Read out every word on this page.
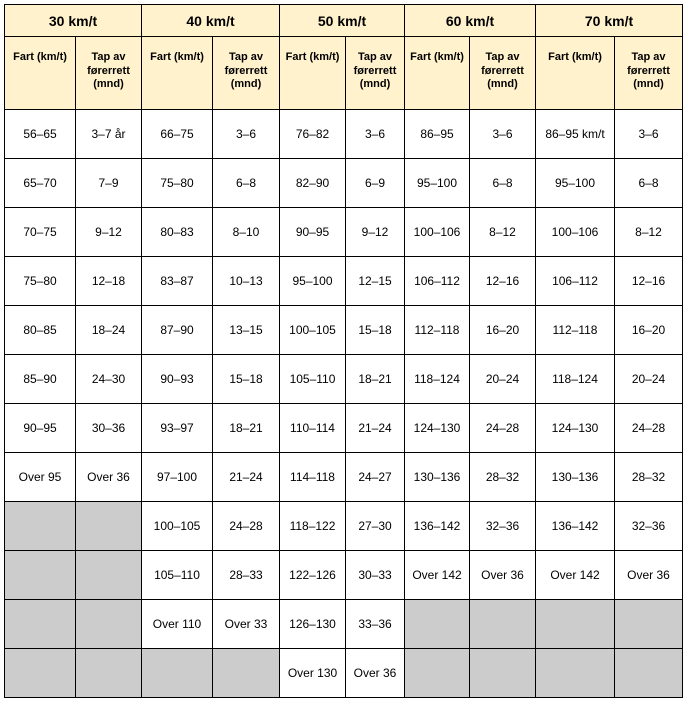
30 km/t		40 km/t		50 km/t		60 km/t		70 km/t	
Fart (km/t)	Tap av førerrett (mnd)	Fart (km/t)	Tap av førerrett (mnd)	Fart (km/t)	Tap av førerrett (mnd)	Fart (km/t)	Tap av førerrett (mnd)	Fart (km/t)	Tap av førerrett (mnd)
56–65	3–7 år	66–75	3–6	76–82	3–6	86–95	3–6	86–95 km/t	3–6
65–70	7–9	75–80	6–8	82–90	6–9	95–100	6–8	95–100	6–8
70–75	9–12	80–83	8–10	90–95	9–12	100–106	8–12	100–106	8–12
75–80	12–18	83–87	10–13	95–100	12–15	106–112	12–16	106–112	12–16
80–85	18–24	87–90	13–15	100–105	15–18	112–118	16–20	112–118	16–20
85–90	24–30	90–93	15–18	105–110	18–21	118–124	20–24	118–124	20–24
90–95	30–36	93–97	18–21	110–114	21–24	124–130	24–28	124–130	24–28
Over 95	Over 36	97–100	21–24	114–118	24–27	130–136	28–32	130–136	28–32
		100–105	24–28	118–122	27–30	136–142	32–36	136–142	32–36
		105–110	28–33	122–126	30–33	Over 142	Over 36	Over 142	Over 36
		Over 110	Over 33	126–130	33–36				
				Over 130	Over 36				
